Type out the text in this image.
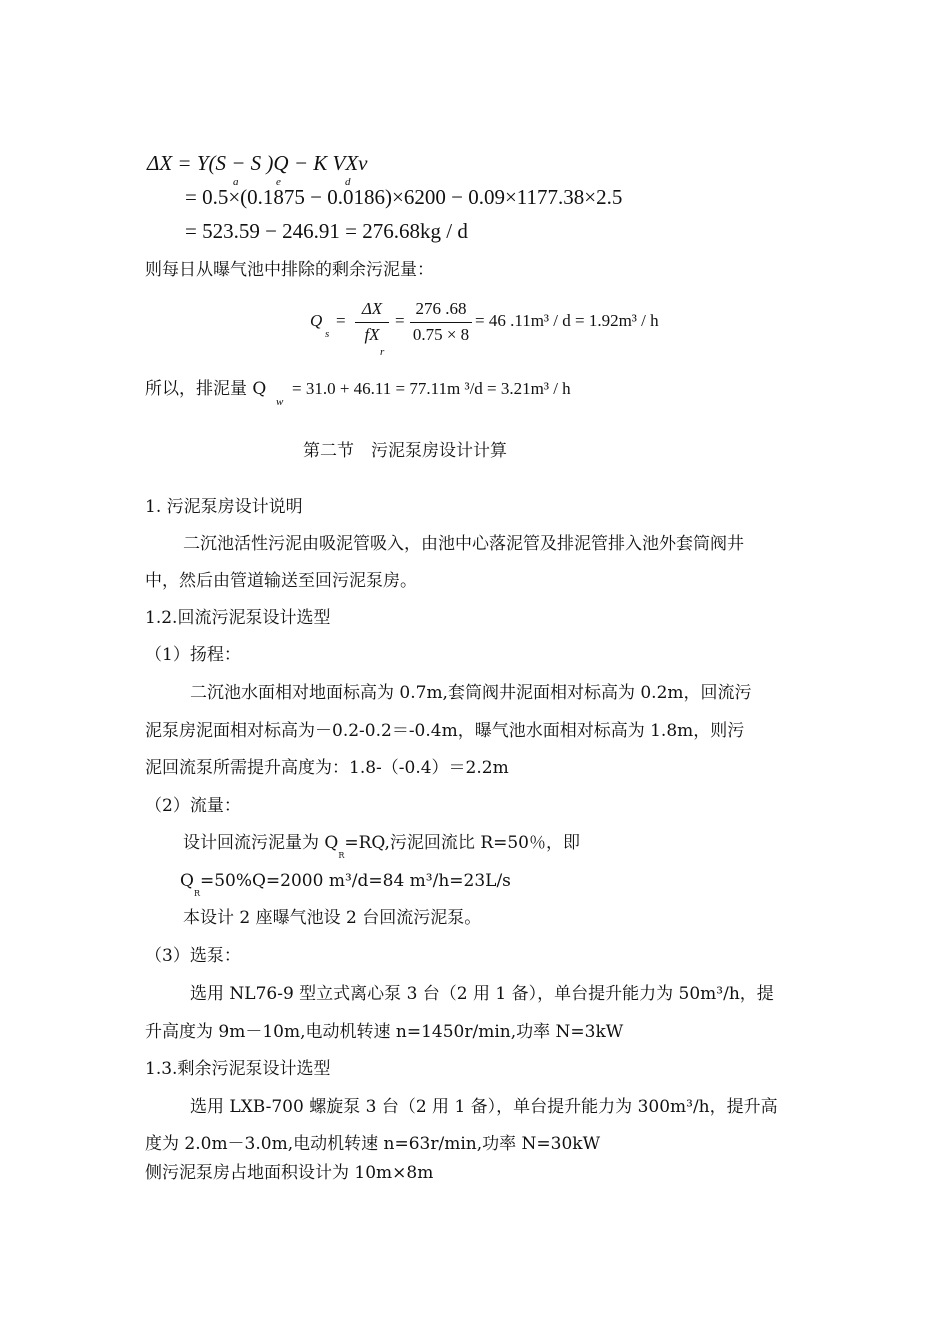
ΔX = Y(S − S )Q − K VXv
a	e	d
= 0.5×(0.1875 − 0.0186)×6200 − 0.09×1177.38×2.5
= 523.59 − 246.91 = 276.68kg / d
则每日从曝气池中排除的剩余污泥量：
Q
s
=
ΔX
fX
r
=
276 .68
0.75 × 8
= 46 .11m³ / d = 1.92m³ / h
所以，排泥量 Q
w
= 31.0 + 46.11 = 77.11m ³/d = 3.21m³ / h
第二节　污泥泵房设计计算
1. 污泥泵房设计说明
二沉池活性污泥由吸泥管吸入，由池中心落泥管及排泥管排入池外套筒阀井
中，然后由管道输送至回污泥泵房。
1.2.回流污泥泵设计选型
（1）扬程：
二沉池水面相对地面标高为 0.7m,套筒阀井泥面相对标高为 0.2m，回流污
泥泵房泥面相对标高为－0.2-0.2＝-0.4m，曝气池水面相对标高为 1.8m，则污
泥回流泵所需提升高度为：1.8-（-0.4）＝2.2m
（2）流量：
设计回流污泥量为 $Q_R=RQ$,污泥回流比 R=50％，即
$Q_R=50\%Q=2000$ m³/d=84 m³/h=23L/s
本设计 2 座曝气池设 2 台回流污泥泵。
（3）选泵：
选用 NL76-9 型立式离心泵 3 台（2 用 1 备），单台提升能力为 50m³/h，提
升高度为 9m－10m,电动机转速 n=1450r/min,功率 N=3kW
1.3.剩余污泥泵设计选型
选用 LXB-700 螺旋泵 3 台（2 用 1 备），单台提升能力为 300m³/h，提升高
度为 2.0m－3.0m,电动机转速 n=63r/min,功率 N=30kW
侧污泥泵房占地面积设计为 10m×8m
